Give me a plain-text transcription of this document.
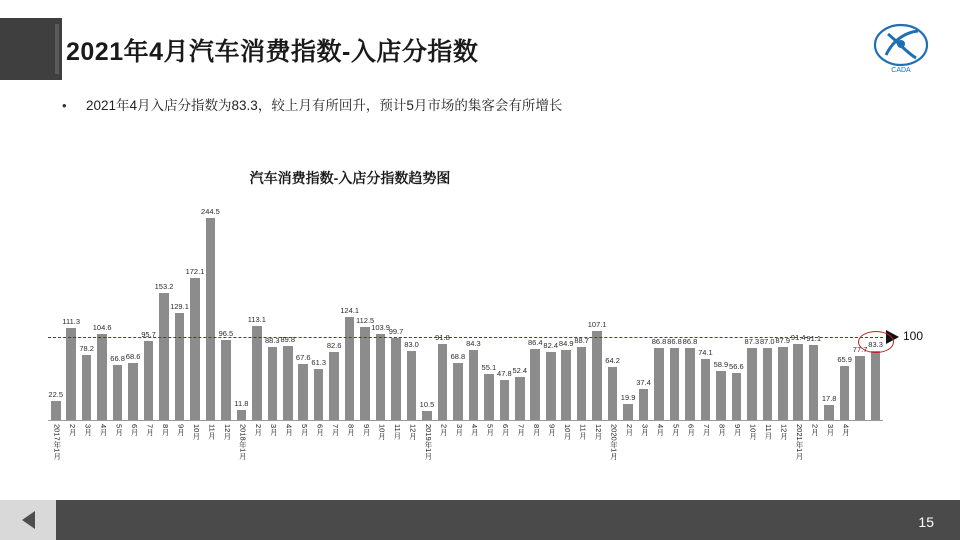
2021年4月汽车消费指数-入店分指数
CADA
•	2021年4月入店分指数为83.3，较上月有所回升，预计5月市场的集客会有所增长
汽车消费指数-入店分指数趋势图
22.5
111.3
78.2
104.6
66.8 68.6
95.7
153.2
129.1
172.1
244.5
96.5
11.8
113.1
88.3 89.8
67.6
61.3
82.6
124.1
112.5
103.9
99.7
83.0
10.5
91.8
68.8
84.3
55.1
47.8 52.4
86.4 82.4 84.9 88.7
107.1
64.2
19.9
37.4
86.8 86.8 86.8
74.1
58.9 56.6
87.3 87.0 87.9 91.4 91.1
17.8
65.9
77.7
83.3
100
2017年1月 2月 3月 4月 5月 6月 7月 8月 9月 10月 11月 12月 2018年1月 2月 3月 4月 5月 6月 7月 8月 9月 10月 11月 12月 2019年1月 2月 3月 4月 5月 6月 7月 8月 9月 10月 11月 12月 2020年1月 2月 3月 4月 5月 6月 7月 8月 9月 10月 11月 12月 2021年1月 2月 3月 4月
15
